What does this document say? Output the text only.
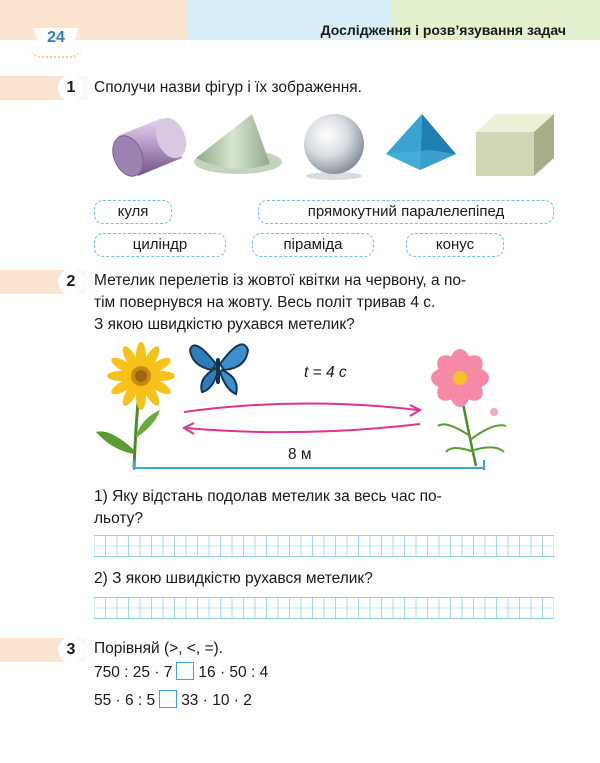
24	Дослідження і розв’язування задач
1	Сполучи назви фігур і їх зображення.
куля	прямокутний паралелепіпед
циліндр	піраміда	конус
2	Метелик перелетів із жовтої квітки на червону, а по-
тім повернувся на жовту. Весь політ тривав 4 с.
З якою швидкістю рухався метелик?
t = 4 c
8 м
1) Яку відстань подолав метелик за весь час по-
льоту?
2) З якою швидкістю рухався метелик?
3	Порівняй (>, <, =).
750 : 25 · 7 16 · 50 : 4
55 · 6 : 5 33 · 10 · 2
